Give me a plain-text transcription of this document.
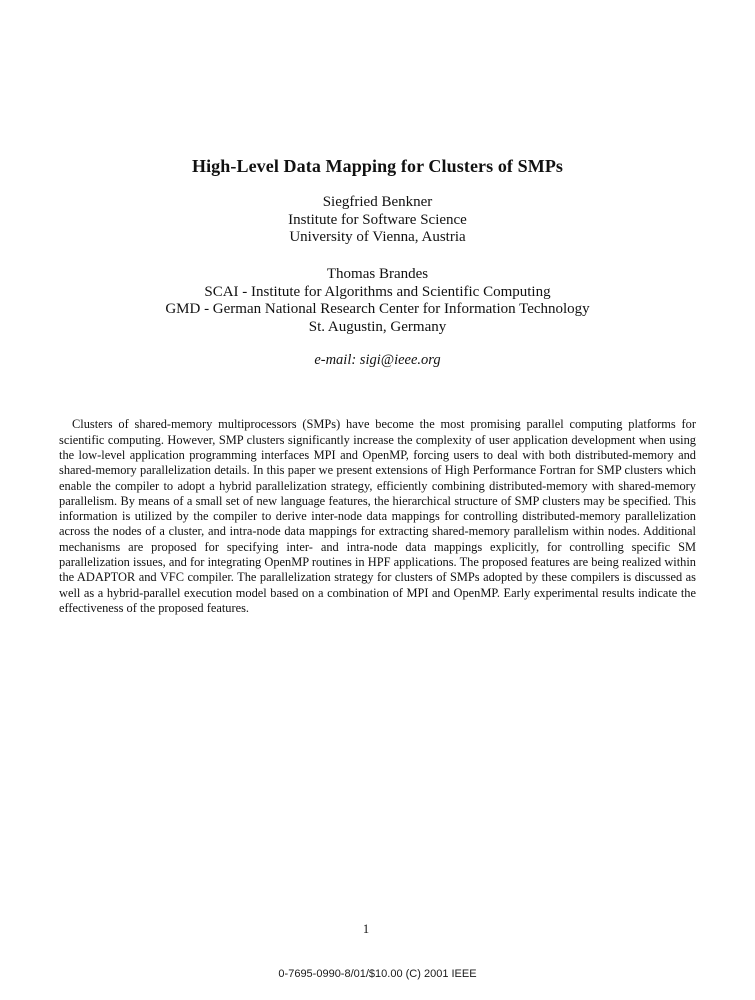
High-Level Data Mapping for Clusters of SMPs
Siegfried Benkner
Institute for Software Science
University of Vienna, Austria
Thomas Brandes
SCAI - Institute for Algorithms and Scientific Computing
GMD - German National Research Center for Information Technology
St. Augustin, Germany
e-mail: sigi@ieee.org

Clusters of shared-memory multiprocessors (SMPs) have become the most promising parallel computing platforms for scientific computing. However, SMP clusters significantly increase the complexity of user application development when using the low-level application programming interfaces MPI and OpenMP, forcing users to deal with both distributed-memory and shared-memory parallelization details. In this paper we present extensions of High Performance Fortran for SMP clusters which enable the compiler to adopt a hybrid parallelization strategy, efficiently combining distributed-memory with shared-memory parallelism. By means of a small set of new language features, the hierarchical structure of SMP clusters may be specified. This information is utilized by the compiler to derive inter-node data mappings for controlling distributed-memory parallelization across the nodes of a cluster, and intra-node data mappings for extracting shared-memory parallelism within nodes. Additional mechanisms are proposed for specifying inter- and intra-node data mappings explicitly, for controlling specific SM parallelization issues, and for integrating OpenMP routines in HPF applications. The proposed features are being realized within the ADAPTOR and VFC compiler. The parallelization strategy for clusters of SMPs adopted by these compilers is discussed as well as a hybrid-parallel execution model based on a combination of MPI and OpenMP. Early experimental results indicate the effectiveness of the proposed features.

1
0-7695-0990-8/01/$10.00 (C) 2001 IEEE
